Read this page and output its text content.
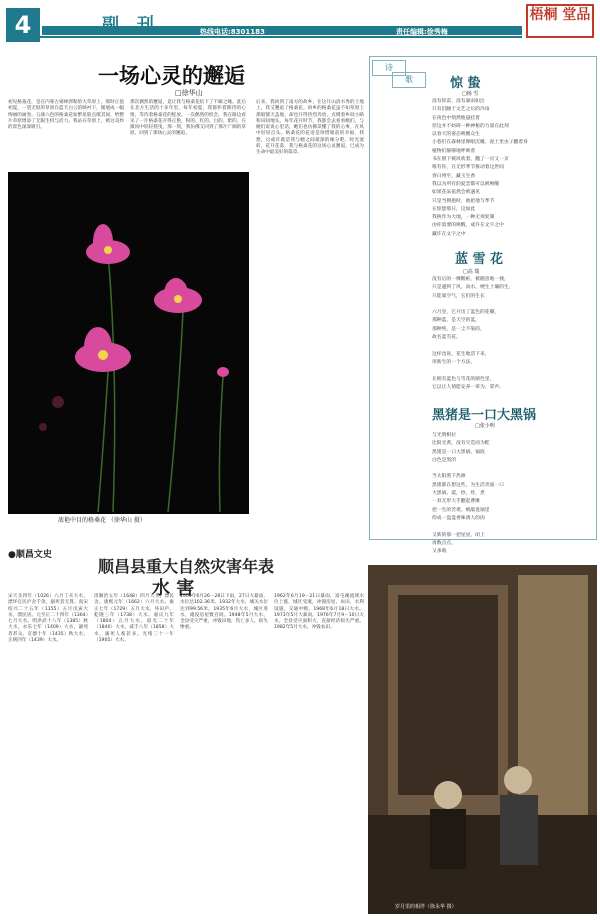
4	副 刊	热线电话:8301183	责任编辑:徐秀梅
梧桐 堂品
一场心灵的邂逅
□徐华山
初见格桑花，是在内蒙古锡林郭勒的大草原上。那时正值初夏，一望无垠的草原在蓝天白云的映衬下，铺展成一幅绚丽的画卷。五颜六色的格桑花如繁星般点缀其间，给整片草原增添了无限生机与活力。我站在草原上，被这美妙的景色深深吸引。
那次偶然的邂逅，竟让我与格桑花结下了不解之缘。此后在北方生活的十多年里，每年初夏，我都怀着期待的心情，等待着格桑花的绽放。一次偶然的机会，我在路边看见了一片格桑花开得正艳，粉的、红的、白的、紫的，在微风中轻轻摇曳，那一刻，我仿佛又回到了那片广阔的草原，回到了那场心灵的邂逅。
后来，我回到了南方的故乡，在这片山清水秀的土地上，我又邂逅了格桑花。故乡的格桑花虽不如草原上那般铺天盖地，却也开得热烈奔放，点缀着乡间小路和田间地头。每年花开时节，我都会去看看她们，与她们说说心里话，她们也仿佛读懂了我的心事，在风中轻轻点头。格桑花的花语是珍惜眼前的幸福，我想，这或许就是我与她之间最深的缘分吧。时光流转，花开花落，我与格桑花的这场心灵邂逅，已成为生命中最美好的篇章。
浓艳中目的格桑花 （徐华山 摄）
诗
歌	惊 蛰
□杨 雪
没有惊雷，没有暴雨如注
只有沉睡于文艺之后的冷雨
在夜色中悄然地悬挂着
但这并不妨碍一种神秘的力量在此刻
以春天的姿态唤醒众生
小巷们在森林里睁眼沉睡，泥土里虫子翻着身
植物们静静地呼吸着
书在窗下被风吹着，翻了一页又一页
唯有你，在无形季节推动着这世间
春日将至，藏玉生香
我以为所有的爱恋都可以被唤醒
如果花朵依然会被遇见
只是当拥抱时，他把他与季节
在惊蛰那日，这如此
我换作为大地，一种无须复制
由你需要的唤醒，或许在文字之中
藏许在文字之中
蓝 雪 花
□高 瑞
没有后的一棵鹅桩，被随意地一拽，
只是遇到了风，雨水，梗生土壤的生，
只能靠空气，它们的生长

六月里，它开出了蓝色的花瓣，
那种蓝，是天空的蓝，
那种纯，是一尘不染的，
故名蓝雪花。

这样也说，花生地活下来，
用新生的一个方法，

在拥有蓝色与雪花的颜色里，
它以让人情愿安养一辈为，掌声。
黑猪是一口大黑锅
□张小明
与光明相拉
比阳光黄，没有灾荒而为畦
黑猪是一口大黑锅，锅底
白色是黑的

当太阳照下热源
黑猪都在想这些，为生活奔波一口
大黑锅，震，炒，炸，煮
一双无形大手翻起曹滩
把一生的苦难，被敲进锅里
侍成一盘盘香味诱人的肉

又新的那一把星星，闭上
再数点点，
又承载

●顺昌文史
顺昌县重大自然灾害年表
水 害
宋天圣四年（1026）六月丁亥大水，漂坏官民庐舍千余，溺死者无算。南宋绍兴二十五年（1155）五月戊寅大水，漂民居。元至正二十四年（1364）七月大水。明洪武十八年（1385）秋大水，永乐七年（1409）大水，溺死者甚众。宣德十年（1435）秋大水，正统四年（1439）大水。
清顺治五年（1648）四月大水，漂民舍。康熙元年（1662）六月大水。雍正七年（1729）五月大水，坏田庐。乾隆三年（1738）大水。嘉庆九年（1804）五月大水。道光二十年（1840）大水，咸丰八年（1858）大水，溺死人畜甚多。光绪三十一年（1905）大水。
1909年6月26－28日下雨，27日大暴雨，水位达102.36米。1932年大水，城关水位达到99.56米。1935年6月大水，城区进水，淹没房屋数百间。1948年5月大水，全县受灾严重，冲毁田地，伤亡多人，损失惨重。
1962年6月19－21日暴雨，富屯溪流域水位上涨，城区受淹，冲毁房屋、农田、水利设施，交通中断。1968年6月18日大水。1973年5月大暴雨。1976年7月9－10日大水，全县受灾面积大，直接经济损失严重。1982年5月大水，冲毁农田。
岁月里的相伴（徐永华 摄）
